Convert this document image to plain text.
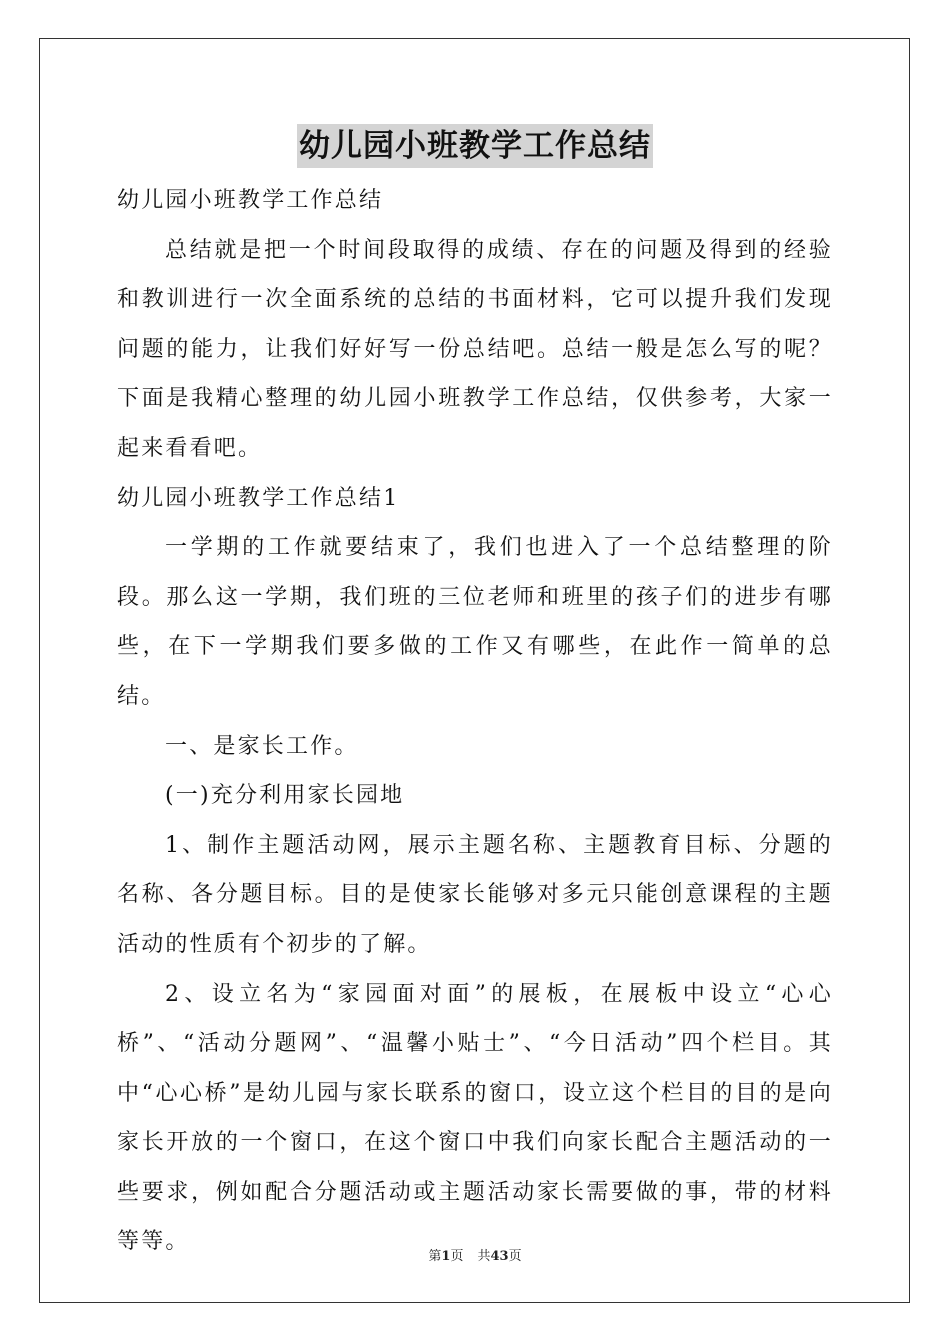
幼儿园小班教学工作总结

幼儿园小班教学工作总结

总结就是把一个时间段取得的成绩、存在的问题及得到的经验和教训进行一次全面系统的总结的书面材料，它可以提升我们发现问题的能力，让我们好好写一份总结吧。总结一般是怎么写的呢？下面是我精心整理的幼儿园小班教学工作总结，仅供参考，大家一起来看看吧。

幼儿园小班教学工作总结1

一学期的工作就要结束了，我们也进入了一个总结整理的阶段。那么这一学期，我们班的三位老师和班里的孩子们的进步有哪些，在下一学期我们要多做的工作又有哪些，在此作一简单的总结。

一、是家长工作。

(一)充分利用家长园地

1、制作主题活动网，展示主题名称、主题教育目标、分题的名称、各分题目标。目的是使家长能够对多元只能创意课程的主题活动的性质有个初步的了解。

2、设立名为“家园面对面”的展板，在展板中设立“心心桥”、“活动分题网”、“温馨小贴士”、“今日活动”四个栏目。其中“心心桥”是幼儿园与家长联系的窗口，设立这个栏目的目的是向家长开放的一个窗口，在这个窗口中我们向家长配合主题活动的一些要求，例如配合分题活动或主题活动家长需要做的事，带的材料等等。

第1页 共43页
